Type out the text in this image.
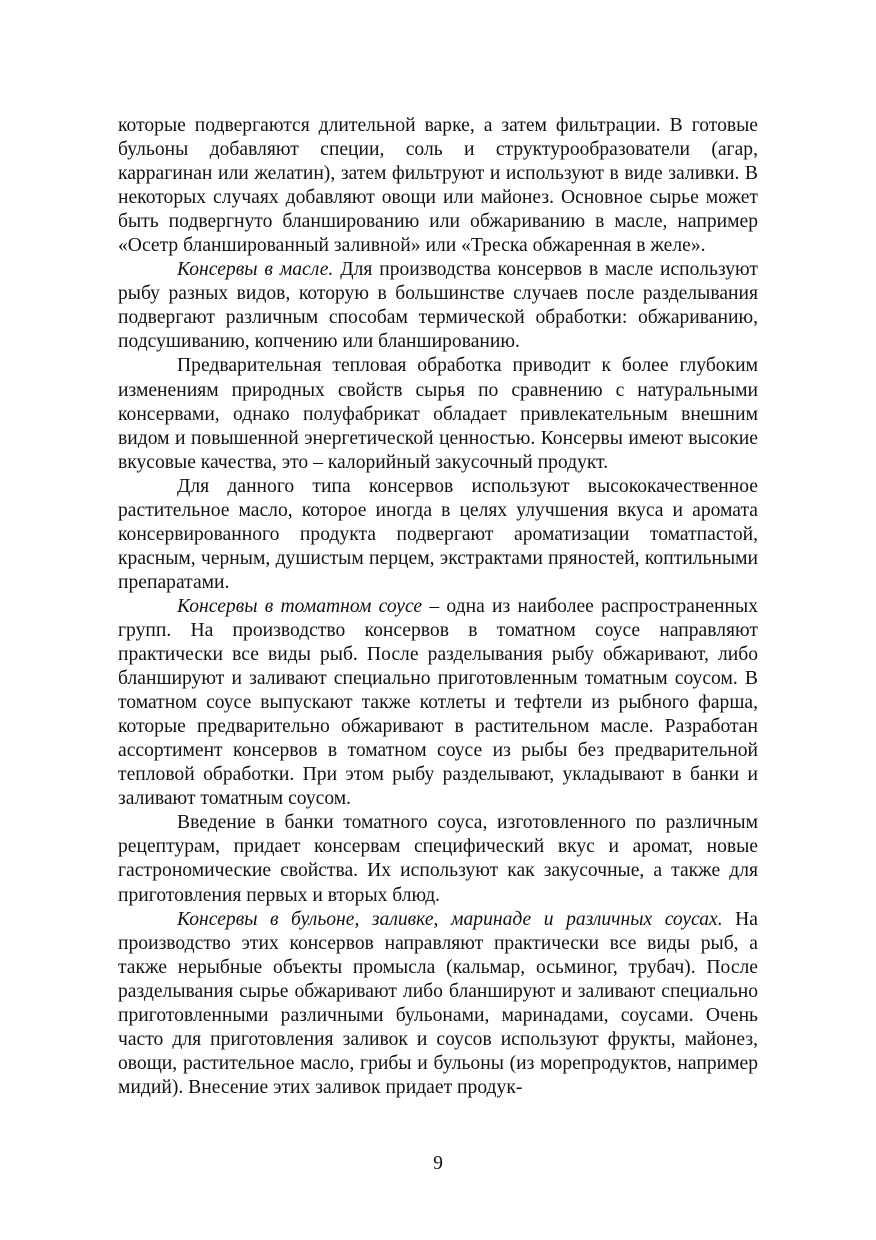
которые подвергаются длительной варке, а затем фильтрации. В готовые бульоны добавляют специи, соль и структурообразователи (агар, каррагинан или желатин), затем фильтруют и используют в виде заливки. В некоторых случаях добавляют овощи или майонез. Основное сырье может быть подвергнуто бланшированию или обжариванию в масле, например «Осетр бланшированный заливной» или «Треска обжаренная в желе».

Консервы в масле. Для производства консервов в масле используют рыбу разных видов, которую в большинстве случаев после разделывания подвергают различным способам термической обработки: обжариванию, подсушиванию, копчению или бланшированию.

Предварительная тепловая обработка приводит к более глубоким изменениям природных свойств сырья по сравнению с натуральными консервами, однако полуфабрикат обладает привлекательным внешним видом и повышенной энергетической ценностью. Консервы имеют высокие вкусовые качества, это – калорийный закусочный продукт.

Для данного типа консервов используют высококачественное растительное масло, которое иногда в целях улучшения вкуса и аромата консервированного продукта подвергают ароматизации томатпастой, красным, черным, душистым перцем, экстрактами пряностей, коптильными препаратами.

Консервы в томатном соусе – одна из наиболее распространенных групп. На производство консервов в томатном соусе направляют практически все виды рыб. После разделывания рыбу обжаривают, либо бланшируют и заливают специально приготовленным томатным соусом. В томатном соусе выпускают также котлеты и тефтели из рыбного фарша, которые предварительно обжаривают в растительном масле. Разработан ассортимент консервов в томатном соусе из рыбы без предварительной тепловой обработки. При этом рыбу разделывают, укладывают в банки и заливают томатным соусом.

Введение в банки томатного соуса, изготовленного по различным рецептурам, придает консервам специфический вкус и аромат, новые гастрономические свойства. Их используют как закусочные, а также для приготовления первых и вторых блюд.

Консервы в бульоне, заливке, маринаде и различных соусах. На производство этих консервов направляют практически все виды рыб, а также нерыбные объекты промысла (кальмар, осьминог, трубач). После разделывания сырье обжаривают либо бланшируют и заливают специально приготовленными различными бульонами, маринадами, соусами. Очень часто для приготовления заливок и соусов используют фрукты, майонез, овощи, растительное масло, грибы и бульоны (из морепродуктов, например мидий). Внесение этих заливок придает продук-

9
